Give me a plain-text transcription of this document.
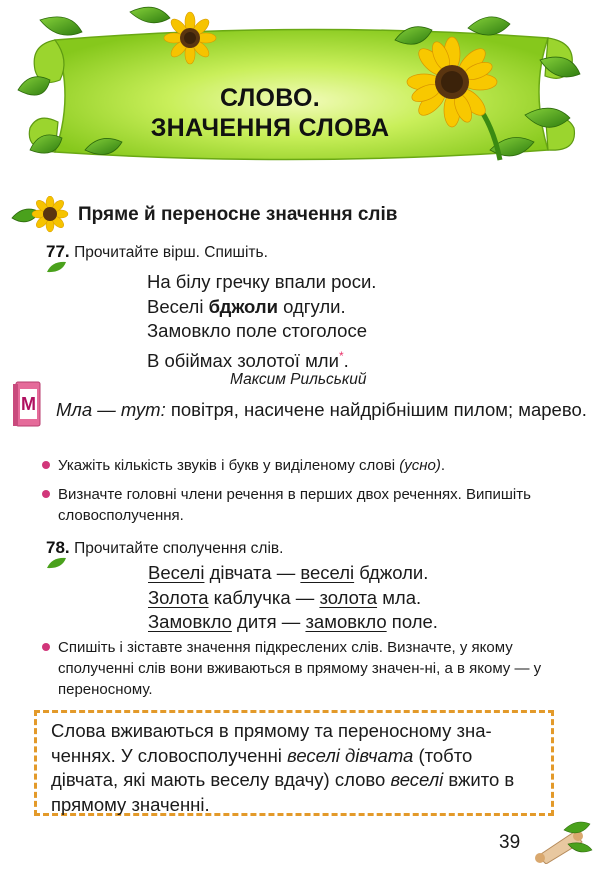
СЛОВО.
ЗНАЧЕННЯ СЛОВА
Пряме й переносне значення слів
77. Прочитайте вірш. Спишіть.
На білу гречку впали роси.
Веселі бджоли одгули.
Замовкло поле стоголосе
В обіймах золотої мли*.
Максим Рильський
М Мла — тут: повітря, насичене найдрібнішим пилом; марево.
Укажіть кількість звуків і букв у виділеному слові (усно).
Визначте головні члени речення в перших двох реченнях. Випишіть словосполучення.
78. Прочитайте сполучення слів.
Веселі дівчата — веселі бджоли.
Золота каблучка — золота мла.
Замовкло дитя — замовкло поле.
Спишіть і зіставте значення підкреслених слів. Визначте, у якому сполученні слів вони вживаються в прямому значен-ні, а в якому — у переносному.
Слова вживаються в прямому та переносному зна-ченнях. У словосполученні веселі дівчата (тобто дівчата, які мають веселу вдачу) слово веселі вжито в прямому значенні.
39
